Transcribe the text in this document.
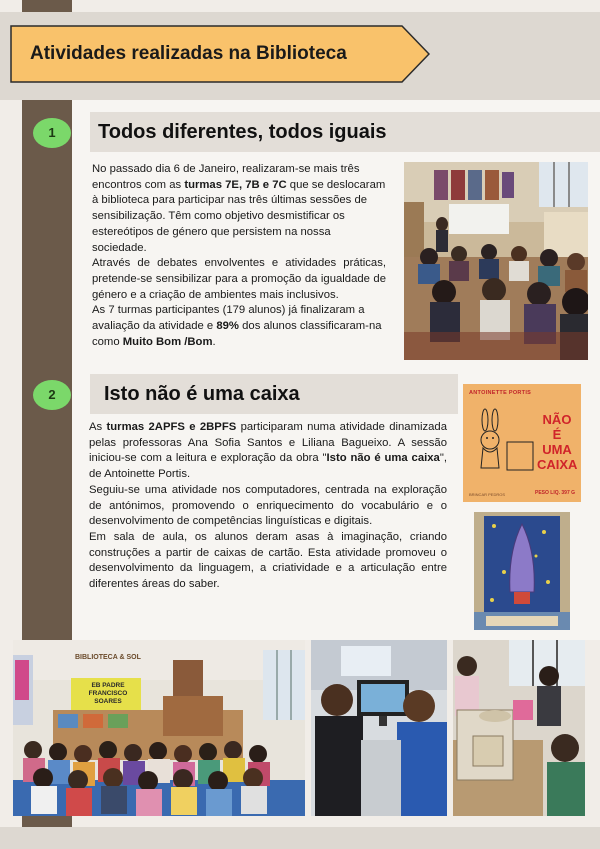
Atividades realizadas na Biblioteca
1	Todos diferentes, todos iguais

No passado dia 6 de Janeiro, realizaram-se mais três encontros com as turmas 7E, 7B e 7C que se deslocaram à biblioteca para participar nas três últimas sessões de sensibilização. Têm como objetivo desmistificar os estereótipos de género que persistem na nossa sociedade.

Através de debates envolventes e atividades práticas, pretende-se sensibilizar para a promoção da igualdade de género e a criação de ambientes mais inclusivos.

As 7 turmas participantes (179 alunos) já finalizaram a avaliação da atividade e 89% dos alunos classificaram-na como Muito Bom /Bom.

2	Isto não é uma caixa

As turmas 2APFS e 2BPFS participaram numa atividade dinamizada pelas professoras Ana Sofia Santos e Liliana Bagueixo. A sessão iniciou-se com a leitura e exploração da obra "Isto não é uma caixa", de Antoinette Portis.

Seguiu-se uma atividade nos computadores, centrada na exploração de antónimos, promovendo o enriquecimento do vocabulário e o desenvolvimento de competências linguísticas e digitais.

Em sala de aula, os alunos deram asas à imaginação, criando construções a partir de caixas de cartão. Esta atividade promoveu o desenvolvimento da linguagem, a criatividade e a articulação entre diferentes áreas do saber.

ANTOINETTE PORTIS
NÃO
É UMA
CAIXA
BRINCAR PEDROS	PESO LIQ. 397 G
BIBLIOTECA & SOL
EB PADRE
FRANCISCO SOARES
